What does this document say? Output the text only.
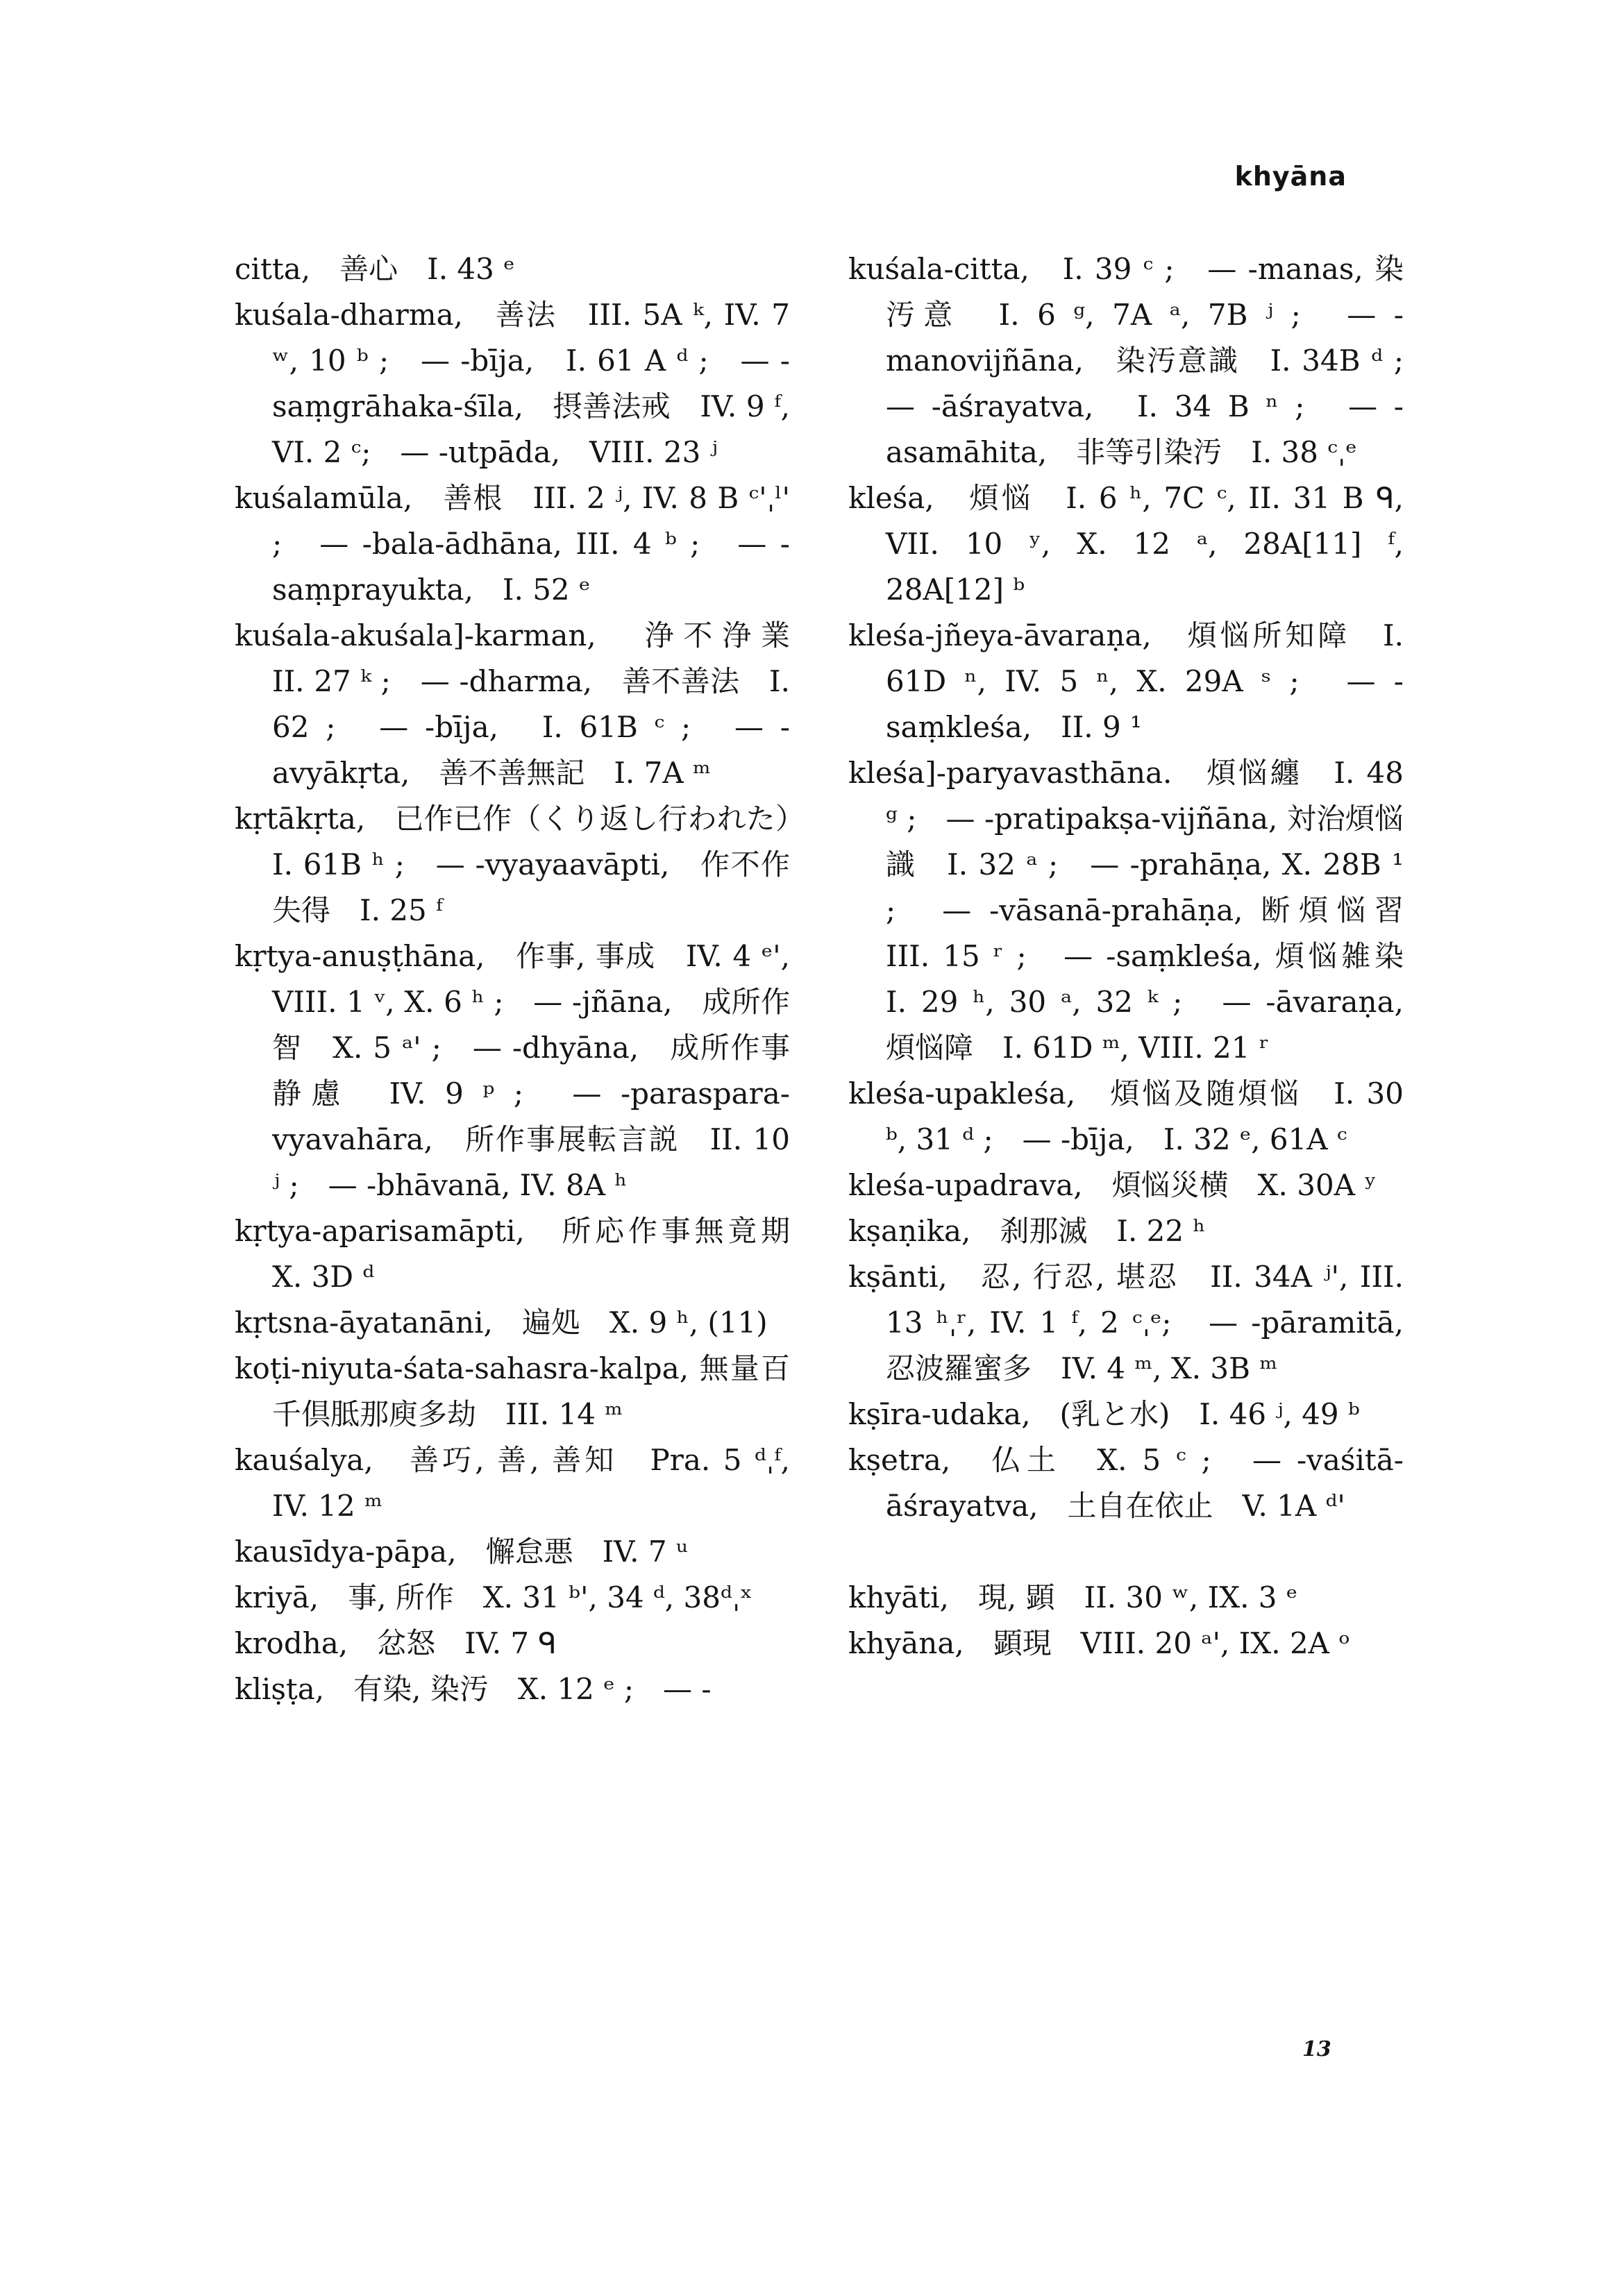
khyāna

citta,　善心　I. 43 ᵉ

kuśala-dharma,　善法　III. 5A ᵏ, IV. 7 ʷ, 10 ᵇ ;　— -bīja,　I. 61 A ᵈ ;　— -saṃgrāhaka-śīla,　摂善法戒　IV. 9 ᶠ, VI. 2 ᶜ;　— -utpāda,　VIII. 23 ʲ

kuśalamūla,　善根　III. 2 ʲ, IV. 8 B ᶜ'ˌˡ' ;　— -bala-ādhāna, III. 4 ᵇ ;　— -saṃprayukta,　I. 52 ᵉ

kuśala-akuśala]-karman,　浄不浄業　II. 27 ᵏ ;　— -dharma,　善不善法　I. 62 ;　— -bīja,　I. 61B ᶜ ;　— -avyākṛta,　善不善無記　I. 7A ᵐ

kṛtākṛta,　已作已作（くり返し行われた）　I. 61B ʰ ;　— -vyayaavāpti,　作不作失得　I. 25 ᶠ

kṛtya-anuṣṭhāna,　作事, 事成　IV. 4 ᵉ', VIII. 1 ᵛ, X. 6 ʰ ;　— -jñāna,　成所作智　X. 5 ᵃ' ;　— -dhyāna,　成所作事静慮　IV. 9 ᵖ ;　— -paraspara-vyavahāra,　所作事展転言説　II. 10 ʲ ;　— -bhāvanā, IV. 8A ʰ

kṛtya-aparisamāpti,　所応作事無竟期　X. 3D ᵈ

kṛtsna-āyatanāni,　遍処　X. 9 ʰ, (11)

koṭi-niyuta-śata-sahasra-kalpa, 無量百千倶胝那庾多劫　III. 14 ᵐ

kauśalya,　善巧, 善, 善知　Pra. 5 ᵈˌᶠ, IV. 12 ᵐ

kausīdya-pāpa,　懈怠悪　IV. 7 ᵘ

kriyā,　事, 所作　X. 31 ᵇ', 34 ᵈ, 38ᵈˌˣ

krodha,　忿怒　IV. 7 ᑫ

kliṣṭa,　有染, 染汚　X. 12 ᵉ ;　— -

kuśala-citta,　I. 39 ᶜ ;　— -manas, 染汚意　I. 6 ᵍ, 7A ᵃ, 7B ʲ ;　— -manovijñāna,　染汚意識　I. 34B ᵈ ;　— -āśrayatva,　I. 34 B ⁿ ;　— -asamāhita,　非等引染汚　I. 38 ᶜˌᵉ

kleśa,　煩悩　I. 6 ʰ, 7C ᶜ, II. 31 B ᑫ, VII. 10 ʸ, X. 12 ᵃ, 28A[11] ᶠ, 28A[12] ᵇ

kleśa-jñeya-āvaraṇa,　煩悩所知障　I. 61D ⁿ, IV. 5 ⁿ, X. 29A ˢ ;　— -saṃkleśa,　II. 9 ¹

kleśa]-paryavasthāna.　煩悩纏　I. 48 ᵍ ;　— -pratipakṣa-vijñāna, 対治煩悩識　I. 32 ᵃ ;　— -prahāṇa, X. 28B ¹ ;　— -vāsanā-prahāṇa, 断煩悩習　III. 15 ʳ ;　— -saṃkleśa, 煩悩雑染　I. 29 ʰ, 30 ᵃ, 32 ᵏ ;　— -āvaraṇa,　煩悩障　I. 61D ᵐ, VIII. 21 ʳ

kleśa-upakleśa,　煩悩及随煩悩　I. 30 ᵇ, 31 ᵈ ;　— -bīja,　I. 32 ᵉ, 61A ᶜ

kleśa-upadrava,　煩悩災横　X. 30A ʸ

kṣaṇika,　刹那滅　I. 22 ʰ

kṣānti,　忍, 行忍, 堪忍　II. 34A ʲ', III. 13 ʰˌʳ, IV. 1 ᶠ, 2 ᶜˌᵉ;　— -pāramitā,　忍波羅蜜多　IV. 4 ᵐ, X. 3B ᵐ

kṣīra-udaka,　(乳と水)　I. 46 ʲ, 49 ᵇ

kṣetra,　仏土　X. 5 ᶜ ;　— -vaśitā-āśrayatva,　土自在依止　V. 1A ᵈ'

khyāti,　現, 顕　II. 30 ʷ, IX. 3 ᵉ

khyāna,　顕現　VIII. 20 ᵃ', IX. 2A ᵒ

13
